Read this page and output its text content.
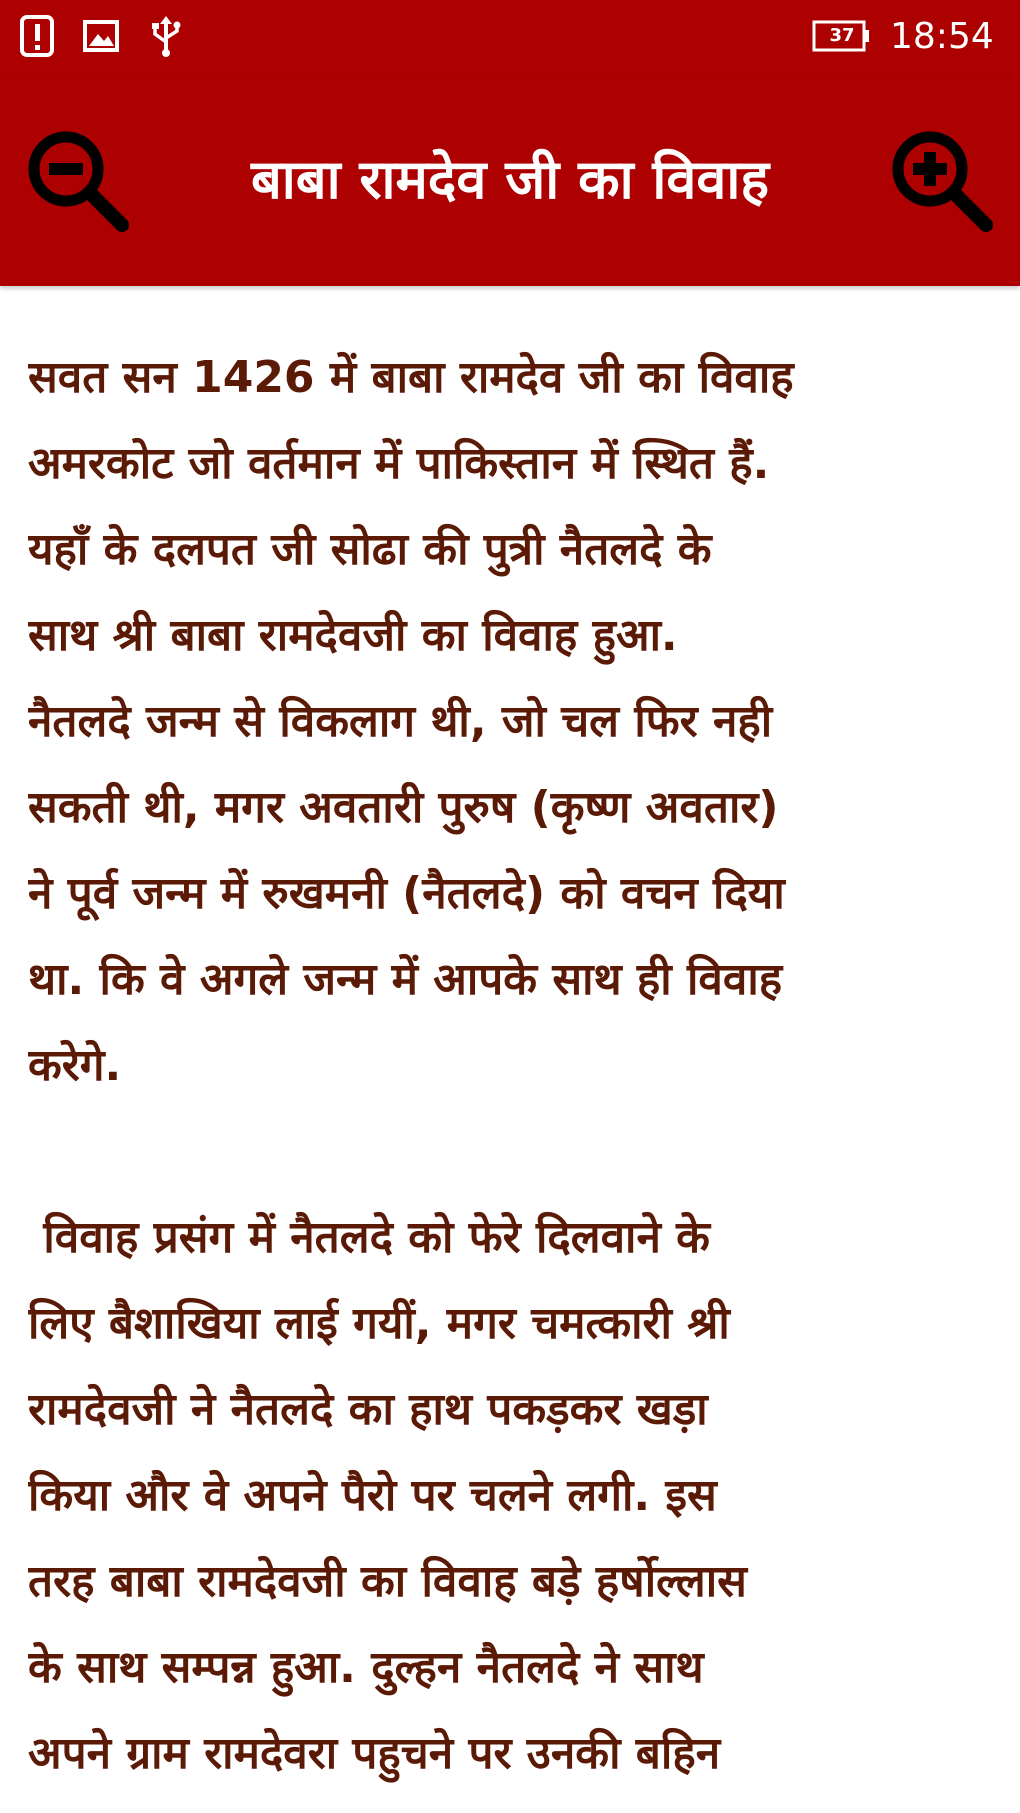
37 18:54
बाबा रामदेव जी का विवाह

सवत सन 1426 में बाबा रामदेव जी का विवाह
अमरकोट जो वर्तमान में पाकिस्तान में स्थित हैं.
यहाँ के दलपत जी सोढा की पुत्री नैतलदे के
साथ श्री बाबा रामदेवजी का विवाह हुआ.
नैतलदे जन्म से विकलाग थी, जो चल फिर नही
सकती थी, मगर अवतारी पुरुष (कृष्ण अवतार)
ने पूर्व जन्म में रुखमनी (नैतलदे) को वचन दिया
था. कि वे अगले जन्म में आपके साथ ही विवाह
करेगे.

विवाह प्रसंग में नैतलदे को फेरे दिलवाने के
लिए बैशाखिया लाई गयीं, मगर चमत्कारी श्री
रामदेवजी ने नैतलदे का हाथ पकड़कर खड़ा
किया और वे अपने पैरो पर चलने लगी. इस
तरह बाबा रामदेवजी का विवाह बड़े हर्षोल्लास
के साथ सम्पन्न हुआ. दुल्हन नैतलदे ने साथ
अपने ग्राम रामदेवरा पहुचने पर उनकी बहिन
